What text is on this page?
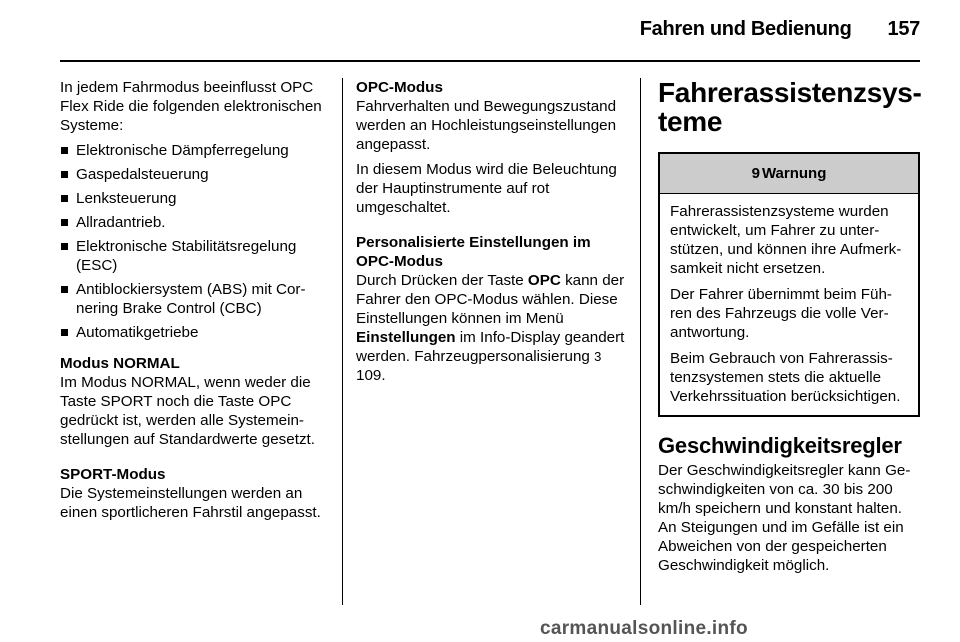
Fahren und Bedienung 157

In jedem Fahrmodus beeinflusst OPC Flex Ride die folgenden elektronischen Systeme:

Elektronische Dämpferregelung
Gaspedalsteuerung
Lenksteuerung
Allradantrieb.
Elektronische Stabilitätsregelung (ESC)
Antiblockiersystem (ABS) mit Cornering Brake Control (CBC)
Automatikgetriebe

Modus NORMAL

Im Modus NORMAL, wenn weder die Taste SPORT noch die Taste OPC gedrückt ist, werden alle Systemeinstellungen auf Standardwerte gesetzt.

SPORT-Modus

Die Systemeinstellungen werden an einen sportlicheren Fahrstil angepasst.

OPC-Modus

Fahrverhalten und Bewegungszustand werden an Hochleistungseinstellungen angepasst.

In diesem Modus wird die Beleuchtung der Hauptinstrumente auf rot umgeschaltet.

Personalisierte Einstellungen im OPC-Modus

Durch Drücken der Taste OPC kann der Fahrer den OPC-Modus wählen. Diese Einstellungen können im Menü Einstellungen im Info-Display geandert werden. Fahrzeugpersonalisierung 3 109.

Fahrerassistenzsysteme
9 Warnung

Fahrerassistenzsysteme wurden entwickelt, um Fahrer zu unterstützen, und können ihre Aufmerksamkeit nicht ersetzen.

Der Fahrer übernimmt beim Führen des Fahrzeugs die volle Verantwortung.

Beim Gebrauch von Fahrerassistenzsystemen stets die aktuelle Verkehrssituation berücksichtigen.

Geschwindigkeitsregler

Der Geschwindigkeitsregler kann Geschwindigkeiten von ca. 30 bis 200 km/h speichern und konstant halten. An Steigungen und im Gefälle ist ein Abweichen von der gespeicherten Geschwindigkeit möglich.

carmanualsonline.info
